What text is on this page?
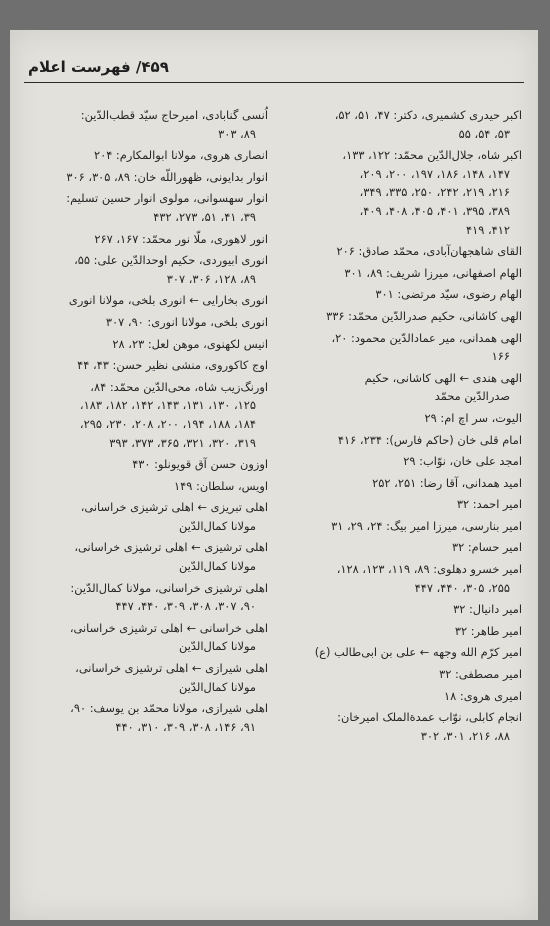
۴۵۹/ فهرست اعلام
اکبر حیدری کشمیری، دکتر: ۴۷، ۵۱، ۵۲،
۵۳، ۵۴، ۵۵
اکبر شاه، جلال‌الدّین محمّد: ۱۲۲، ۱۳۳،
۱۴۷، ۱۴۸، ۱۸۶، ۱۹۷، ۲۰۰، ۲۰۹،
۲۱۶، ۲۱۹، ۲۴۲، ۲۵۰، ۳۳۵، ۳۴۹،
۳۸۹، ۳۹۵، ۴۰۱، ۴۰۵، ۴۰۸، ۴۰۹،
۴۱۲، ۴۱۹
القای شاهجهان‌آبادی، محمّد صادق: ۲۰۶
الهام اصفهانی، میرزا شریف: ۸۹، ۳۰۱
الهام رضوی، سیّد مرتضی: ۳۰۱
الهی کاشانی، حکیم صدرالدّین محمّد: ۳۳۶
الهی همدانی، میر عمادالدّین محمود: ۲۰،
۱۶۶
الهی هندی ← الهی کاشانی، حکیم
صدرالدّین محمّد
الیوت، سر اچ ام: ۲۹
امام قلی خان (حاکم فارس): ۲۳۴، ۴۱۶
امجد علی خان، نوّاب: ۲۹
امید همدانی، آقا رضا: ۲۵۱، ۲۵۲
امیر احمد: ۳۲
امیر بنارسی، میرزا امیر بیگ: ۲۴، ۲۹، ۳۱
امیر حسام: ۳۲
امیر خسرو دهلوی: ۸۹، ۱۱۹، ۱۲۳، ۱۲۸،
۲۵۵، ۳۰۵، ۴۴۰، ۴۴۷
امیر دانیال: ۳۲
امیر طاهر: ۳۲
امیر کرّم الله وجهه ← علی بن ابی‌طالب (ع)
امیر مصطفی: ۳۲
امیری هروی: ۱۸
انجام کابلی، نوّاب عمدةالملک امیرخان:
۸۸، ۲۱۶، ۳۰۱، ۳۰۲
اُنسی گنابادی، امیرحاج سیّد قطب‌الدّین:
۸۹، ۳۰۳
انصاری هروی، مولانا ابوالمکارم: ۲۰۴
انوار بدایونی، ظهوراللّه خان: ۸۹، ۳۰۵، ۳۰۶
انوار سهسوانی، مولوی انوار حسین تسلیم:
۳۹، ۴۱، ۵۱، ۲۷۳، ۴۳۲
انور لاهوری، ملّا نور محمّد: ۱۶۷، ۲۶۷
انوری ابیوردی، حکیم اوحدالدّین علی: ۵۵،
۸۹، ۱۲۸، ۳۰۶، ۳۰۷
انوری بخارایی ← انوری بلخی، مولانا انوری
انوری بلخی، مولانا انوری: ۹۰، ۳۰۷
انیس لکهنوی، موهن لعل: ۲۳، ۲۸
اوج کاکوروی، منشی نظیر حسن: ۴۳، ۴۴
اورنگ‌زیب شاه، محی‌الدّین محمّد: ۸۴،
۱۲۵، ۱۳۰، ۱۳۱، ۱۴۳، ۱۴۲، ۱۸۲، ۱۸۳،
۱۸۴، ۱۸۸، ۱۹۴، ۲۰۰، ۲۰۸، ۲۳۰، ۲۹۵،
۳۱۹، ۳۲۰، ۳۲۱، ۳۶۵، ۳۷۳، ۳۹۳
اوزون حسن آق قویونلو: ۴۳۰
اویس، سلطان: ۱۴۹
اهلی تبریزی ← اهلی ترشیزی خراسانی،
مولانا کمال‌الدّین
اهلی ترشیزی ← اهلی ترشیزی خراسانی،
مولانا کمال‌الدّین
اهلی ترشیزی خراسانی، مولانا کمال‌الدّین:
۹۰، ۳۰۷، ۳۰۸، ۳۰۹، ۴۴۰، ۴۴۷
اهلی خراسانی ← اهلی ترشیزی خراسانی،
مولانا کمال‌الدّین
اهلی شیرازی ← اهلی ترشیزی خراسانی،
مولانا کمال‌الدّین
اهلی شیرازی، مولانا محمّد بن یوسف: ۹۰،
۹۱، ۱۴۶، ۳۰۸، ۳۰۹، ۳۱۰، ۴۴۰
